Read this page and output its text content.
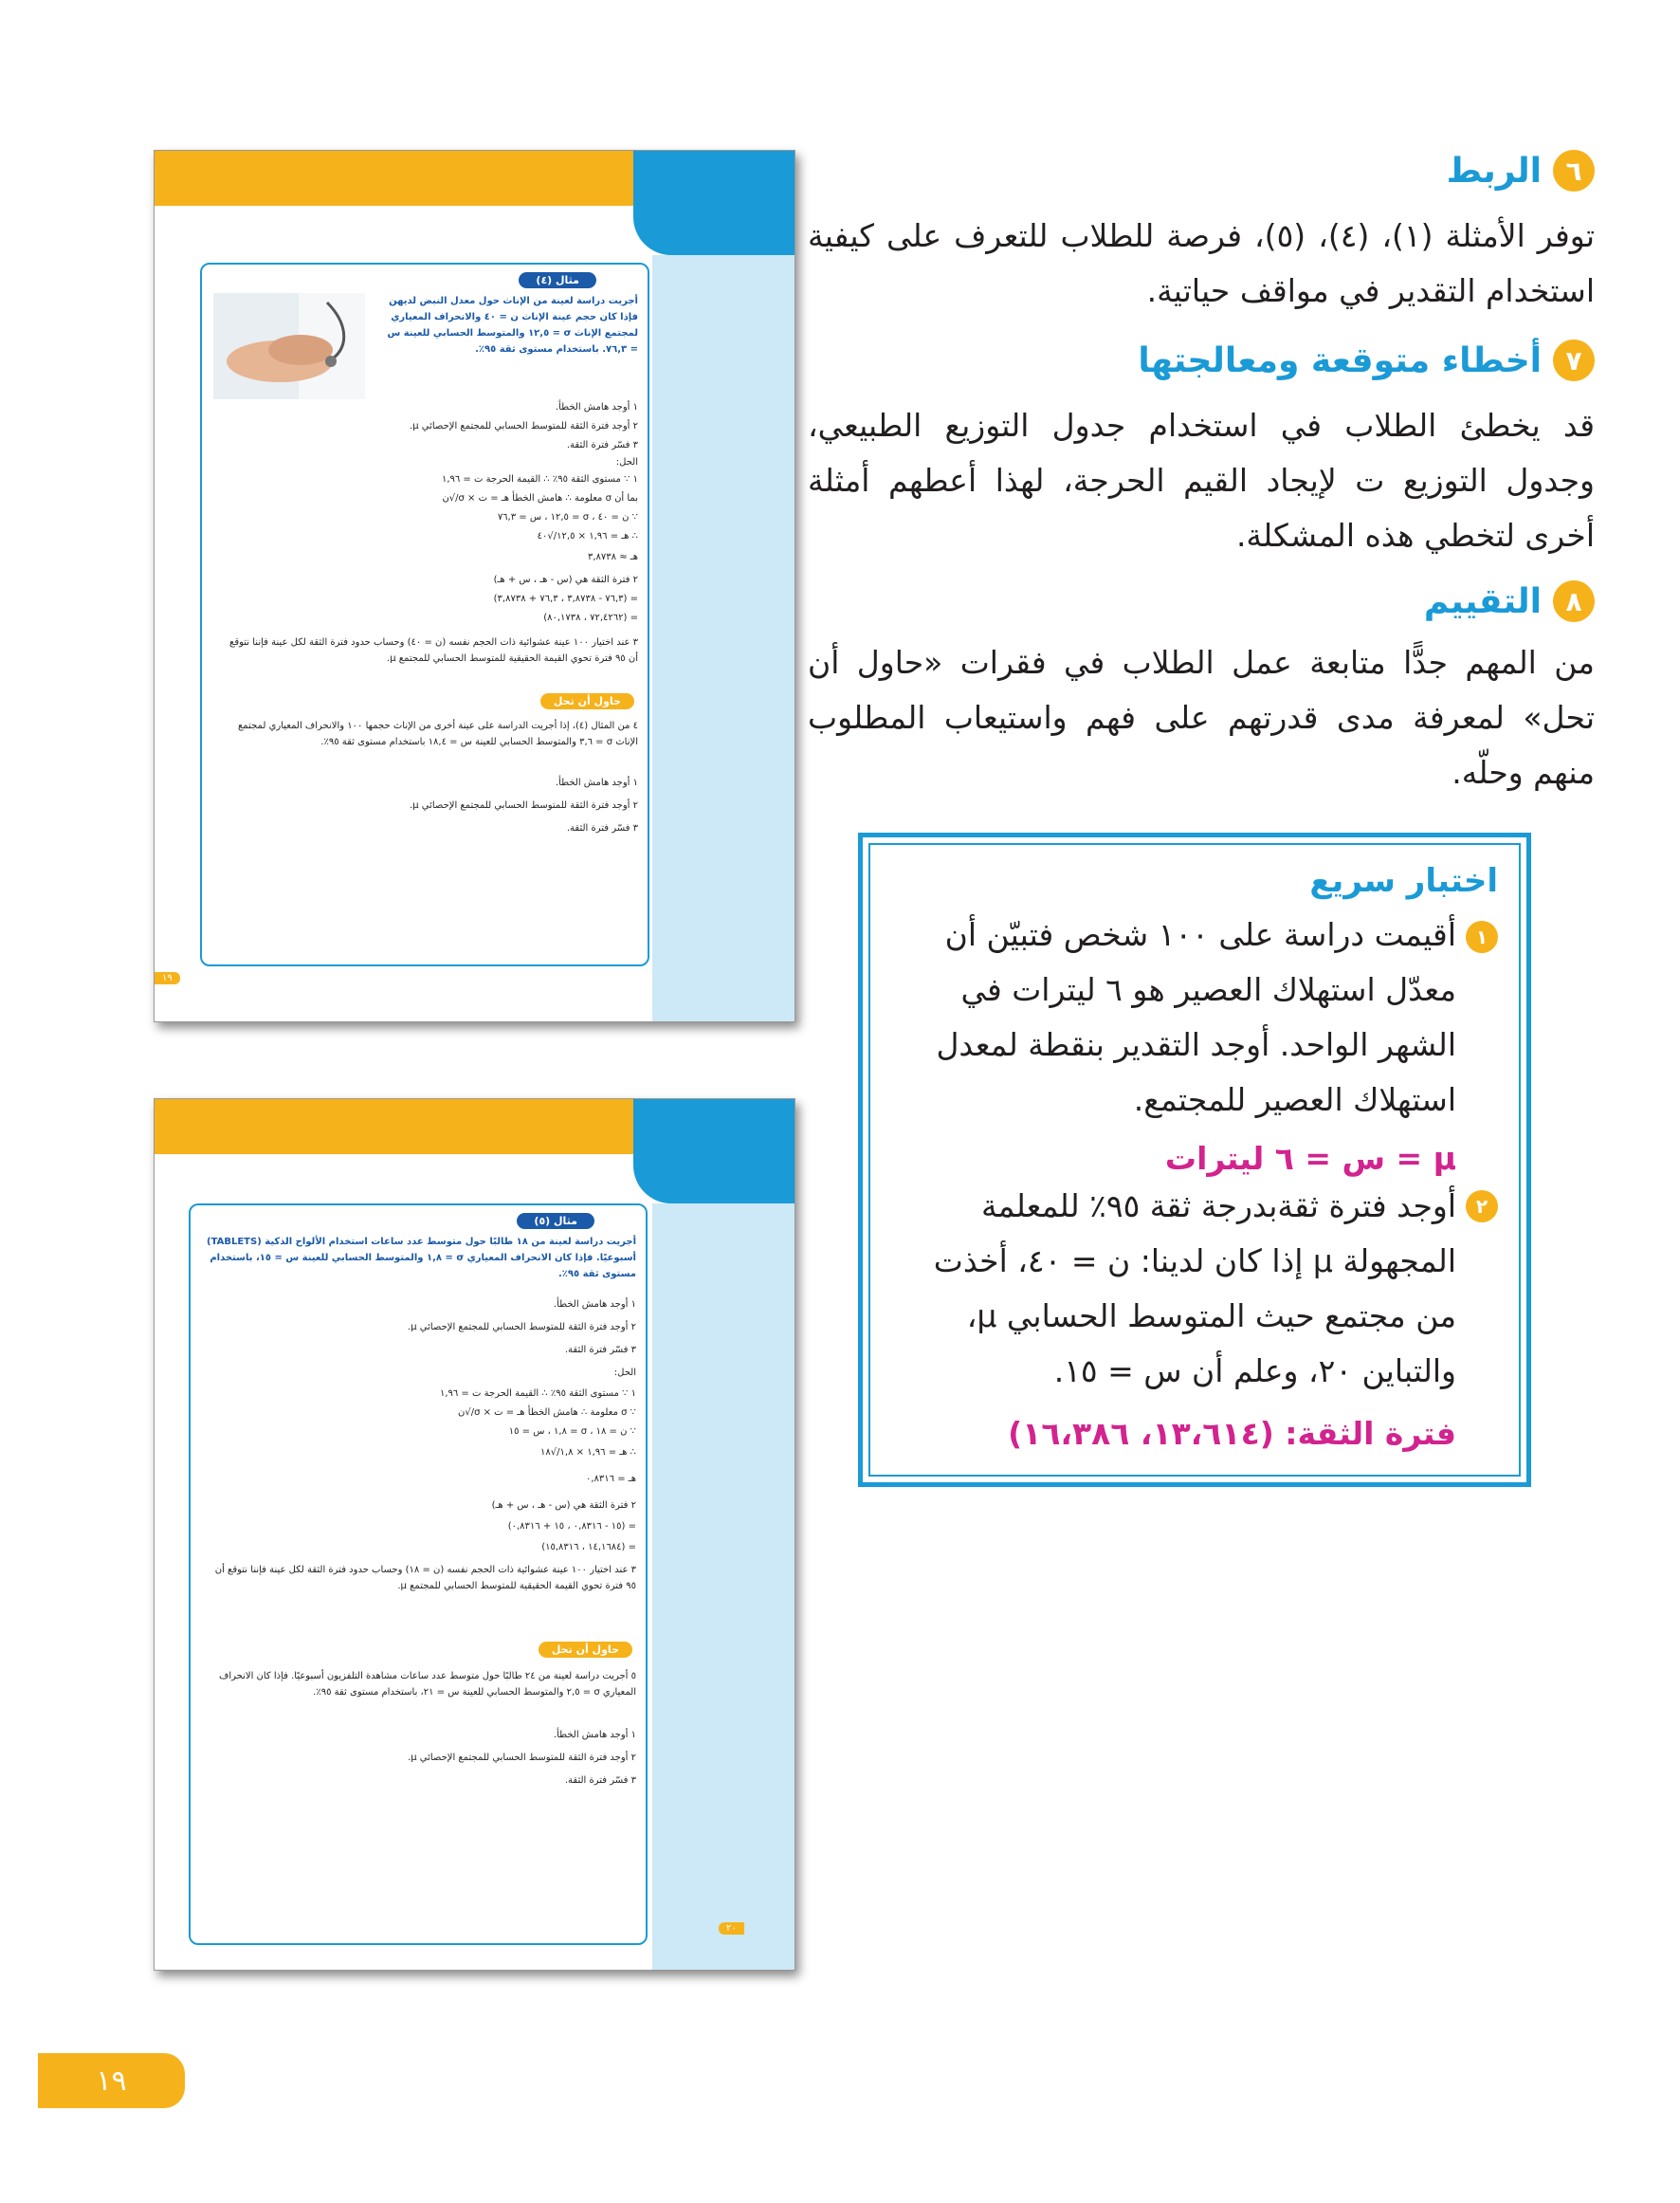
٦
الربط
توفر الأمثلة (١)، (٤)، (٥)، فرصة للطلاب للتعرف على كيفية استخدام التقدير في مواقف حياتية.
٧
أخطاء متوقعة ومعالجتها
قد يخطئ الطلاب في استخدام جدول التوزيع الطبيعي، وجدول التوزيع ت لإيجاد القيم الحرجة، لهذا أعطهم أمثلة أخرى لتخطي هذه المشكلة.
٨
التقييم
من المهم جدًّا متابعة عمل الطلاب في فقرات «حاول أن تحل» لمعرفة مدى قدرتهم على فهم واستيعاب المطلوب منهم وحلّه.
اختبار سريع
١
أقيمت دراسة على ١٠٠ شخص فتبيّن أن معدّل استهلاك العصير هو ٦ ليترات في الشهر الواحد. أوجد التقدير بنقطة لمعدل استهلاك العصير للمجتمع.
μ = س = ٦ ليترات
٢
أوجد فترة ثقةبدرجة ثقة ٩٥٪ للمعلمة المجهولة μ إذا كان لدينا: ن = ٤٠، أخذت من مجتمع حيث المتوسط الحسابي μ، والتباين ٢٠، وعلم أن س = ١٥.
فترة الثقة: (١٣،٦١٤، ١٦،٣٨٦)
مثال (٤)
أجريت دراسة لعينة من الإناث حول معدل النبض لديهن فإذا كان حجم عينة الإناث ن = ٤٠ والانحراف المعياري لمجتمع الإناث σ = ١٢,٥ والمتوسط الحسابي للعينة س = ٧٦,٣. باستخدام مستوى ثقة ٩٥٪.
١ أوجد هامش الخطأ.
٢ أوجد فترة الثقة للمتوسط الحسابي للمجتمع الإحصائي μ.
٣ فسّر فترة الثقة.
الحل:
١ ∵ مستوى الثقة ٩٥٪ ∴ القيمة الحرجة ت = ١,٩٦
بما أن σ معلومة ∴ هامش الخطأ هـ = ت × σ/√ن
∵ ن = ٤٠ ، σ = ١٢,٥ ، س = ٧٦,٣
∴ هـ = ١,٩٦ × ١٢,٥/√٤٠
هـ ≈ ٣,٨٧٣٨
٢ فترة الثقة هي (س - هـ ، س + هـ)
= (٧٦,٣ - ٣,٨٧٣٨ ، ٧٦,٣ + ٣,٨٧٣٨)
= (٧٢,٤٢٦٢ ، ٨٠,١٧٣٨)
٣ عند اختيار ١٠٠ عينة عشوائية ذات الحجم نفسه (ن = ٤٠) وحساب حدود فترة الثقة لكل عينة فإننا نتوقع أن ٩٥ فترة تحوي القيمة الحقيقية للمتوسط الحسابي للمجتمع μ.
حاول أن تحل
٤ من المثال (٤)، إذا أجريت الدراسة على عينة أخرى من الإناث حجمها ١٠٠ والانحراف المعياري لمجتمع الإناث σ = ٣,٦ والمتوسط الحسابي للعينة س = ١٨,٤ باستخدام مستوى ثقة ٩٥٪.
١ أوجد هامش الخطأ.
٢ أوجد فترة الثقة للمتوسط الحسابي للمجتمع الإحصائي μ.
٣ فسّر فترة الثقة.
١٩
مثال (٥)
أجريت دراسة لعينة من ١٨ طالبًا حول متوسط عدد ساعات استخدام الألواح الذكية (TABLETS) أسبوعيًا. فإذا كان الانحراف المعياري σ = ١,٨ والمتوسط الحسابي للعينة س = ١٥، باستخدام مستوى ثقة ٩٥٪.
١ أوجد هامش الخطأ.
٢ أوجد فترة الثقة للمتوسط الحسابي للمجتمع الإحصائي μ.
٣ فسّر فترة الثقة.
الحل:
١ ∵ مستوى الثقة ٩٥٪ ∴ القيمة الحرجة ت = ١,٩٦
∵ σ معلومة ∴ هامش الخطأ هـ = ت × σ/√ن
∵ ن = ١٨ ، σ = ١,٨ ، س = ١٥
∴ هـ = ١,٩٦ × ١,٨/√١٨
هـ = ٠,٨٣١٦
٢ فترة الثقة هي (س - هـ ، س + هـ)
= (١٥ - ٠,٨٣١٦ ، ١٥ + ٠,٨٣١٦)
= (١٤,١٦٨٤ ، ١٥,٨٣١٦)
٣ عند اختيار ١٠٠ عينة عشوائية ذات الحجم نفسه (ن = ١٨) وحساب حدود فترة الثقة لكل عينة فإننا نتوقع أن ٩٥ فترة تحوي القيمة الحقيقية للمتوسط الحسابي للمجتمع μ.
حاول أن تحل
٥ أجريت دراسة لعينة من ٢٤ طالبًا حول متوسط عدد ساعات مشاهدة التلفزيون أسبوعيًا. فإذا كان الانحراف المعياري σ = ٢,٥ والمتوسط الحسابي للعينة س = ٢١، باستخدام مستوى ثقة ٩٥٪.
١ أوجد هامش الخطأ.
٢ أوجد فترة الثقة للمتوسط الحسابي للمجتمع الإحصائي μ.
٣ فسّر فترة الثقة.
٢٠
١٩
